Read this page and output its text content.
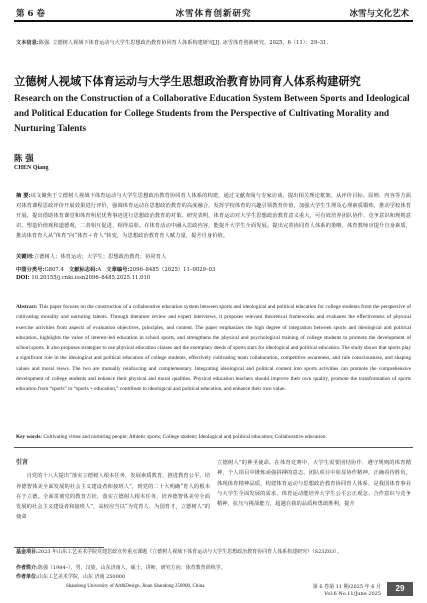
第 6 卷	冰雪体育创新研究	冰雪与文化艺术
文本信息:陈强. 立德树人视域下体育运动与大学生思想政治教育协同育人体系构建研究[J]. 冰雪体育创新研究，2025，6（11）：29–31.
立德树人视域下体育运动与大学生思想政治教育协同育人体系构建研究
Research on the Construction of a Collaborative Education System Between Sports and Ideological and Political Education for College Students from the Perspective of Cultivating Morality and Nurturing Talents
陈 强
CHEN Qiang
摘 要:该文聚焦于立德树人视域下体育运动与大学生思想政治教育协同育人体系的构建，通过文献查阅与专家访谈，提出相关理论框架，从评价目标、原则、内容等方面对体育课程思政评价开展效果进行评价，强调体育运动在思想政治教育的高度融合，发挥学校体育的兴趣引领教育价值，加强大学生生理及心理素质锻炼，推动学校体育开展。提出借助体育课堂和体育明星优秀事迹进行思想政治教育的对策。研究表明，体育运动对大学生思想政治教育意义重大，可有效培养团队协作、竞争意识和规则意识，塑造价值观和道德观，二者相互促进、相得益彰。在体育活动中融入思政内容，能提升大学生全面发展。提出完善协同育人体系的策略，体育教师应提升自身素质，推动体育育人从“体育”向“体育＋育人”转变，为思想政治教育育人赋力量，提升自身价值。
关键词:立德树人；体育运动；大学生；思想政治教育；协同育人
中图分类号:G807.4 文献标志码:A 文章编号:2096–8485（2025）11–0029–03
DOI: 10.20155/j.cnki.issn2096–8485.2025.11.010
Abstract: This paper focuses on the construction of a collaborative education system between sports and ideological and political education for college students from the perspective of cultivating morality and nurturing talents. Through literature review and expert interviews, it proposes relevant theoretical frameworks and evaluates the effectiveness of physical exercise activities from aspects of evaluation objectives, principles, and content. The paper emphasizes the high degree of integration between sports and ideological and political education, highlights the value of interest-led education in school sports, and strengthens the physical and psychological training of college students to promote the development of school sports. It also proposes strategies to use physical education classes and the exemplary deeds of sports stars for ideological and political education. The study shows that sports play a significant role in the ideological and political education of college students, effectively cultivating team collaboration, competitive awareness, and rule consciousness, and shaping values and moral views. The two are mutually reinforcing and complementary. Integrating ideological and political content into sports activities can promote the comprehensive development of college students and enhance their physical and moral qualities. Physical education teachers should improve their own quality, promote the transformation of sports education from “sports” to “sports + education,” contribute to ideological and political education, and enhance their own value.
Key words: Cultivating virtue and nurturing people; Athletic sports; College student; Ideological and political education; Collaborative education
引言

自党的十八大提出“落实立德树人根本任务，发展素质教育，推进教育公平，培养德智体美全面发展的社会主义建设者和接班人”，到党的二十大明确“育人的根本在于立德。全面贯彻党的教育方针，落实立德树人根本任务，培养德智体美劳全面发展的社会主义建设者和接班人”，高校应当以“为党育人、为国育才，立德树人”的使命

立德树人”的神圣使命。在体育竞赛中，大学生需要团结协作、遵守规则的体育精神，个人项目中锤炼顽强拼搏的意志，团队项目中彰显协作精神，正确看待胜负，体现体育精神品质，构建体育运动与思想政治教育协同育人体系，是我国体育事业与大学生全面发展的需求，体育运动能培养大学生公平公正观念、合作意识与竞争精神，抗压与挑战能力，超越自我的品质和勇敢胜利，提升

基金项目:2023 年山东工艺美术学院党建思政宣传重点课题《立德树人视域下体育运动与大学生思想政治教育协同育人体系构建研究》（S23Z03）。
作者简介:陈强（1984–），男，汉族，山东济南人，硕士，讲师，研究方向：体育教育训练学。
作者单位:山东工艺美术学院，山东 济南 250000
Shandong University of Art&Design, Jinan Shandong 250000, China	第 6 卷第 11 期/2025 年 6 月
Vol.6 No.11/June 2025
29
